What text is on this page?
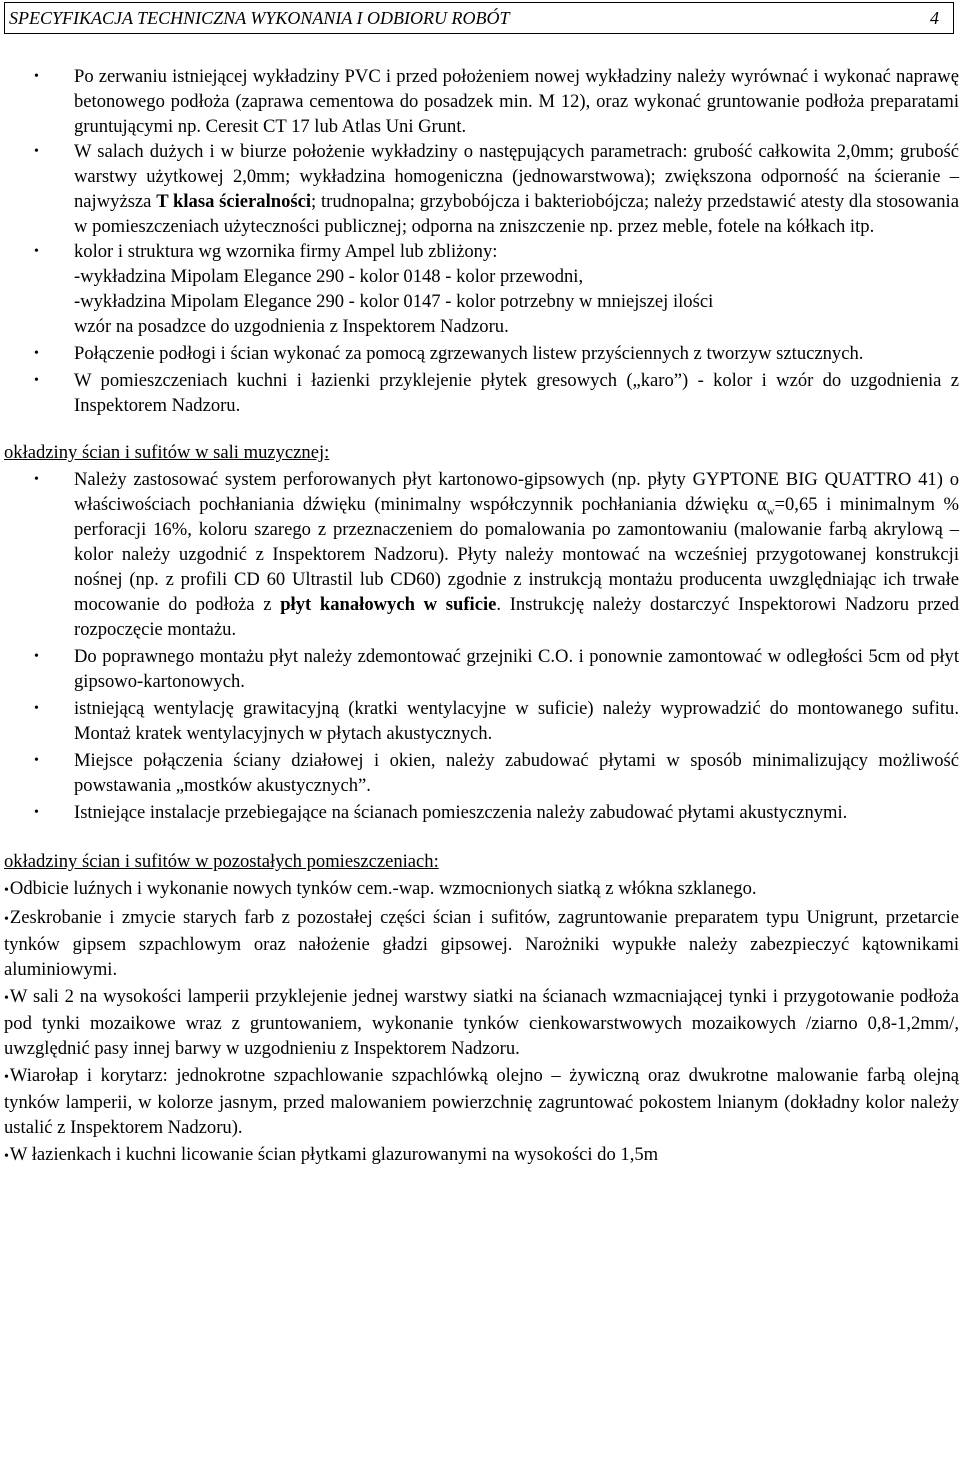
SPECYFIKACJA TECHNICZNA WYKONANIA I ODBIORU ROBÓT	4
• Po zerwaniu istniejącej wykładziny PVC i przed położeniem nowej wykładziny należy wyrównać i wykonać naprawę betonowego podłoża (zaprawa cementowa do posadzek min. M 12), oraz wykonać gruntowanie podłoża preparatami gruntującymi np. Ceresit CT 17 lub Atlas Uni Grunt.
• W salach dużych i w biurze położenie wykładziny o następujących parametrach: grubość całkowita 2,0mm; grubość warstwy użytkowej 2,0mm; wykładzina homogeniczna (jednowarstwowa); zwiększona odporność na ścieranie – najwyższa T klasa ścieralności; trudnopalna; grzybobójcza i bakteriobójcza; należy przedstawić atesty dla stosowania w pomieszczeniach użyteczności publicznej; odporna na zniszczenie np. przez meble, fotele na kółkach itp.
• kolor i struktura wg wzornika firmy Ampel lub zbliżony:
-wykładzina Mipolam Elegance 290 - kolor 0148 - kolor przewodni,
-wykładzina Mipolam Elegance 290 - kolor 0147 - kolor potrzebny w mniejszej ilości
wzór na posadzce do uzgodnienia z Inspektorem Nadzoru.
• Połączenie podłogi i ścian wykonać za pomocą zgrzewanych listew przyściennych z tworzyw sztucznych.
• W pomieszczeniach kuchni i łazienki przyklejenie płytek gresowych („karo”) - kolor i wzór do uzgodnienia z Inspektorem Nadzoru.
okładziny ścian i sufitów w sali muzycznej:
• Należy zastosować system perforowanych płyt kartonowo-gipsowych (np. płyty GYPTONE BIG QUATTRO 41) o właściwościach pochłaniania dźwięku (minimalny współczynnik pochłaniania dźwięku $\alpha_w=0,65$ i minimalnym % perforacji 16%, koloru szarego z przeznaczeniem do pomalowania po zamontowaniu (malowanie farbą akrylową – kolor należy uzgodnić z Inspektorem Nadzoru). Płyty należy montować na wcześniej przygotowanej konstrukcji nośnej (np. z profili CD 60 Ultrastil lub CD60) zgodnie z instrukcją montażu producenta uwzględniając ich trwałe mocowanie do podłoża z płyt kanałowych w suficie. Instrukcję należy dostarczyć Inspektorowi Nadzoru przed rozpoczęcie montażu.
• Do poprawnego montażu płyt należy zdemontować grzejniki C.O. i ponownie zamontować w odległości 5cm od płyt gipsowo-kartonowych.
• istniejącą wentylację grawitacyjną (kratki wentylacyjne w suficie) należy wyprowadzić do montowanego sufitu. Montaż kratek wentylacyjnych w płytach akustycznych.
• Miejsce połączenia ściany działowej i okien, należy zabudować płytami w sposób minimalizujący możliwość powstawania „mostków akustycznych”.
• Istniejące instalacje przebiegające na ścianach pomieszczenia należy zabudować płytami akustycznymi.
okładziny ścian i sufitów w pozostałych pomieszczeniach:
•Odbicie luźnych i wykonanie nowych tynków cem.-wap. wzmocnionych siatką z włókna szklanego.
•Zeskrobanie i zmycie starych farb z pozostałej części ścian i sufitów, zagruntowanie preparatem typu Unigrunt, przetarcie tynków gipsem szpachlowym oraz nałożenie gładzi gipsowej. Narożniki wypukłe należy zabezpieczyć kątownikami aluminiowymi.
•W sali 2 na wysokości lamperii przyklejenie jednej warstwy siatki na ścianach wzmacniającej tynki i przygotowanie podłoża pod tynki mozaikowe wraz z gruntowaniem, wykonanie tynków cienkowarstwowych mozaikowych /ziarno 0,8-1,2mm/, uwzględnić pasy innej barwy w uzgodnieniu z Inspektorem Nadzoru.
•Wiarołap i korytarz: jednokrotne szpachlowanie szpachlówką olejno – żywiczną oraz dwukrotne malowanie farbą olejną tynków lamperii, w kolorze jasnym, przed malowaniem powierzchnię zagruntować pokostem lnianym (dokładny kolor należy ustalić z Inspektorem Nadzoru).
•W łazienkach i kuchni licowanie ścian płytkami glazurowanymi na wysokości do 1,5m
